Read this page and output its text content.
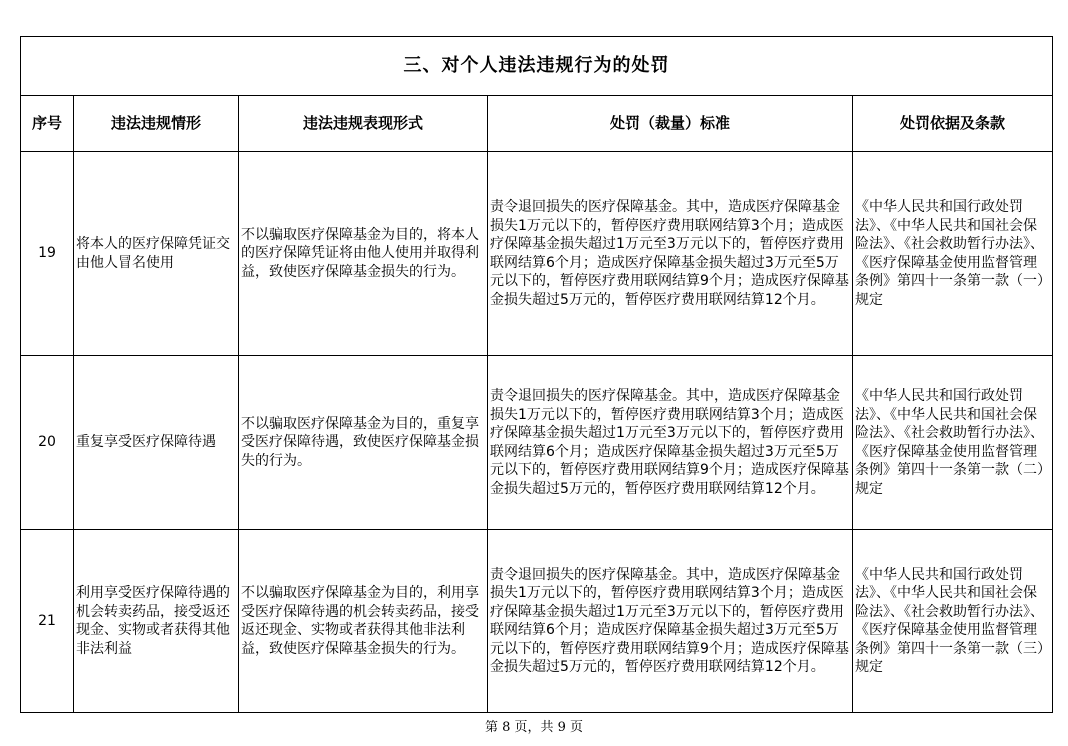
三、对个人违法违规行为的处罚				
序号	违法违规情形	违法违规表现形式	处罚（裁量）标准	处罚依据及条款
19	将本人的医疗保障凭证交由他人冒名使用	不以骗取医疗保障基金为目的，将本人的医疗保障凭证将由他人使用并取得利益，致使医疗保障基金损失的行为。	责令退回损失的医疗保障基金。其中，造成医疗保障基金损失1万元以下的，暂停医疗费用联网结算3个月；造成医疗保障基金损失超过1万元至3万元以下的，暂停医疗费用联网结算6个月；造成医疗保障基金损失超过3万元至5万元以下的，暂停医疗费用联网结算9个月；造成医疗保障基金损失超过5万元的，暂停医疗费用联网结算12个月。	《中华人民共和国行政处罚法》、《中华人民共和国社会保险法》、《社会救助暂行办法》、《医疗保障基金使用监督管理条例》第四十一条第一款（一）规定
20	重复享受医疗保障待遇	不以骗取医疗保障基金为目的，重复享受医疗保障待遇，致使医疗保障基金损失的行为。	责令退回损失的医疗保障基金。其中，造成医疗保障基金损失1万元以下的，暂停医疗费用联网结算3个月；造成医疗保障基金损失超过1万元至3万元以下的，暂停医疗费用联网结算6个月；造成医疗保障基金损失超过3万元至5万元以下的，暂停医疗费用联网结算9个月；造成医疗保障基金损失超过5万元的，暂停医疗费用联网结算12个月。	《中华人民共和国行政处罚法》、《中华人民共和国社会保险法》、《社会救助暂行办法》、《医疗保障基金使用监督管理条例》第四十一条第一款（二）规定
21	利用享受医疗保障待遇的机会转卖药品，接受返还现金、实物或者获得其他非法利益	不以骗取医疗保障基金为目的，利用享受医疗保障待遇的机会转卖药品，接受返还现金、实物或者获得其他非法利益，致使医疗保障基金损失的行为。	责令退回损失的医疗保障基金。其中，造成医疗保障基金损失1万元以下的，暂停医疗费用联网结算3个月；造成医疗保障基金损失超过1万元至3万元以下的，暂停医疗费用联网结算6个月；造成医疗保障基金损失超过3万元至5万元以下的，暂停医疗费用联网结算9个月；造成医疗保障基金损失超过5万元的，暂停医疗费用联网结算12个月。	《中华人民共和国行政处罚法》、《中华人民共和国社会保险法》、《社会救助暂行办法》、《医疗保障基金使用监督管理条例》第四十一条第一款（三）规定
第 8 页，共 9 页
